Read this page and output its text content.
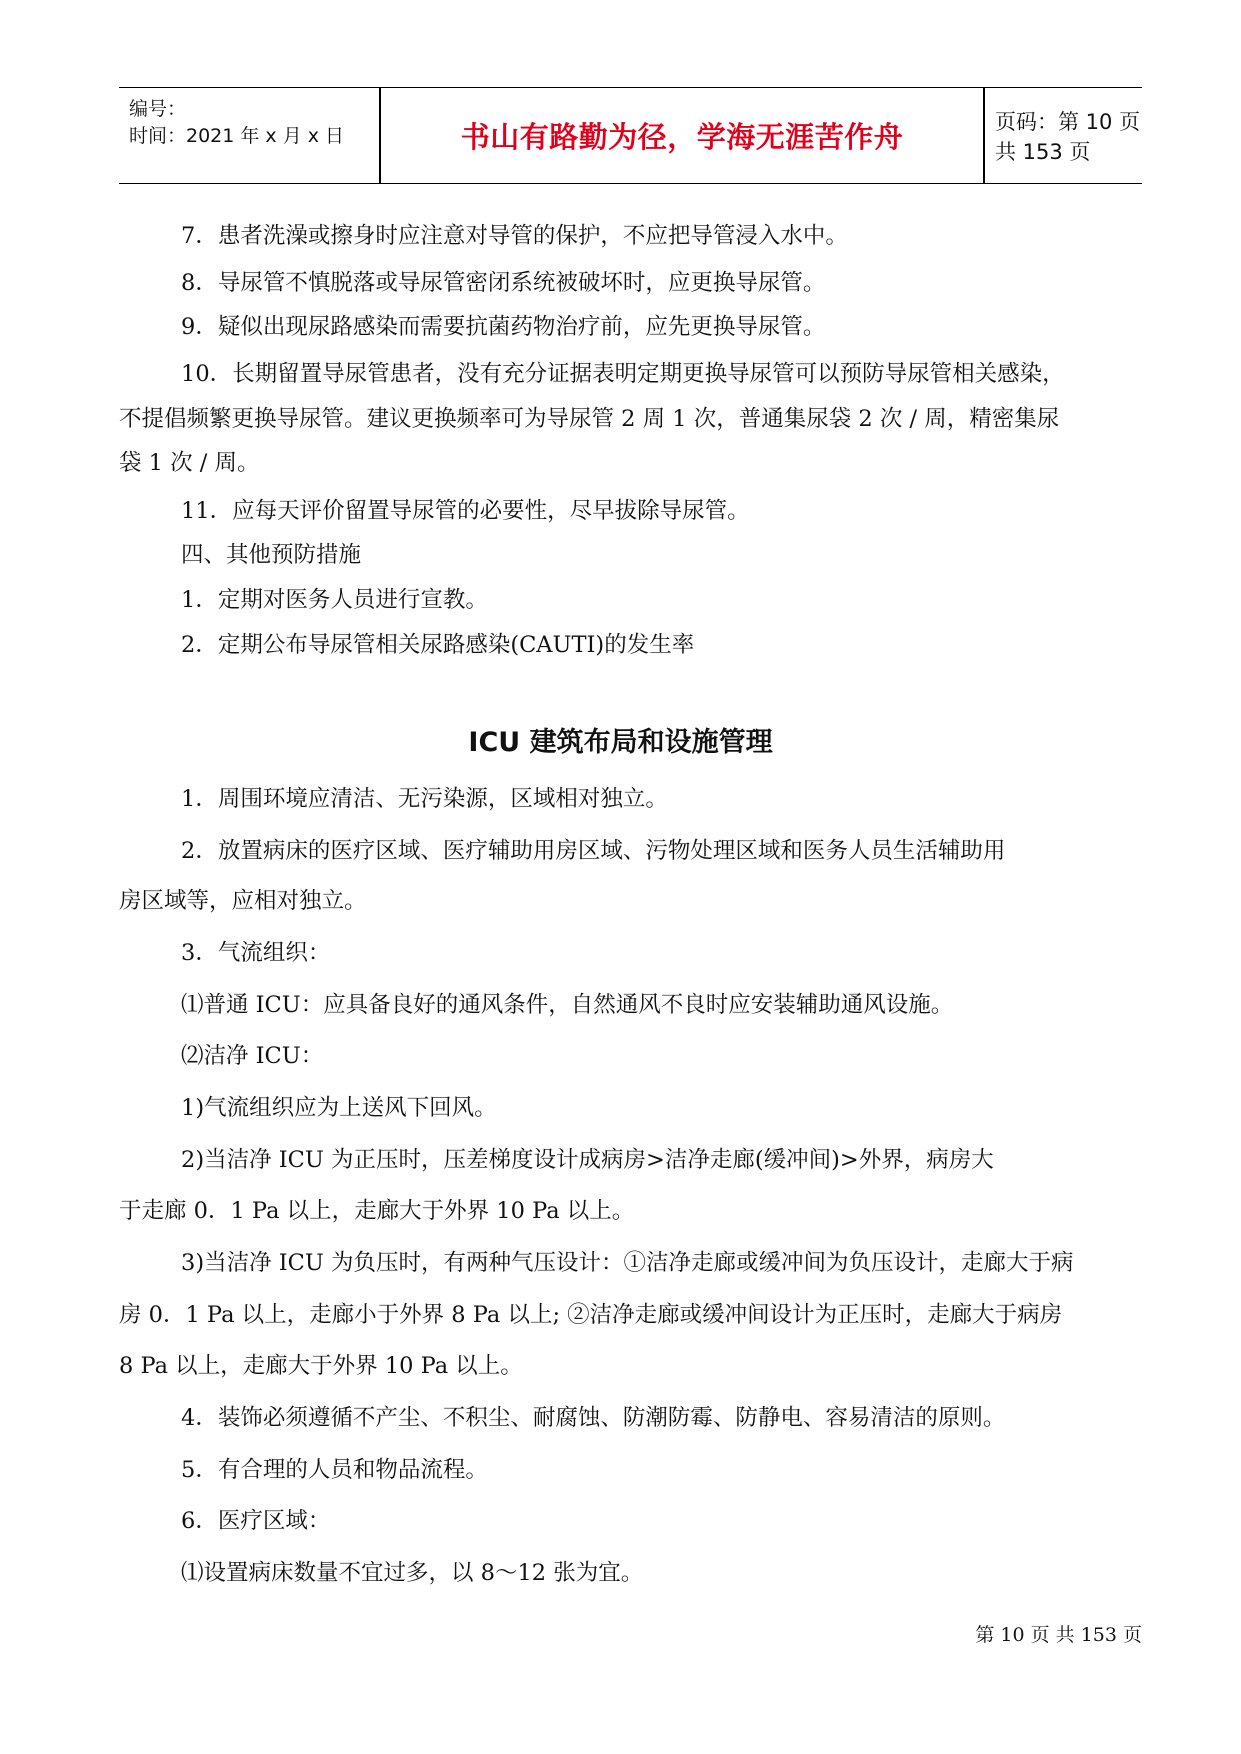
编号：
时间：2021 年 x 月 x 日	书山有路勤为径，学海无涯苦作舟	页码：第 10 页 共 153 页
7．患者洗澡或擦身时应注意对导管的保护，不应把导管浸入水中。
8．导尿管不慎脱落或导尿管密闭系统被破坏时，应更换导尿管。
9．疑似出现尿路感染而需要抗菌药物治疗前，应先更换导尿管。
10．长期留置导尿管患者，没有充分证据表明定期更换导尿管可以预防导尿管相关感染，
不提倡频繁更换导尿管。建议更换频率可为导尿管 2 周 1 次，普通集尿袋 2 次 / 周，精密集尿
袋 1 次 / 周。
11．应每天评价留置导尿管的必要性，尽早拔除导尿管。
四、其他预防措施
1．定期对医务人员进行宣教。
2．定期公布导尿管相关尿路感染(CAUTI)的发生率
ICU 建筑布局和设施管理
1．周围环境应清洁、无污染源，区域相对独立。
2．放置病床的医疗区域、医疗辅助用房区域、污物处理区域和医务人员生活辅助用
房区域等，应相对独立。
3．气流组织：
⑴普通 ICU：应具备良好的通风条件，自然通风不良时应安装辅助通风设施。
⑵洁净 ICU：
1)气流组织应为上送风下回风。
2)当洁净 ICU 为正压时，压差梯度设计成病房>洁净走廊(缓冲间)>外界，病房大
于走廊 0．1 Pa 以上，走廊大于外界 10 Pa 以上。
3)当洁净 ICU 为负压时，有两种气压设计：①洁净走廊或缓冲间为负压设计，走廊大于病
房 0．1 Pa 以上，走廊小于外界 8 Pa 以上; ②洁净走廊或缓冲间设计为正压时，走廊大于病房
8 Pa 以上，走廊大于外界 10 Pa 以上。
4．装饰必须遵循不产尘、不积尘、耐腐蚀、防潮防霉、防静电、容易清洁的原则。
5．有合理的人员和物品流程。
6．医疗区域：
⑴设置病床数量不宜过多，以 8～12 张为宜。
第 10 页 共 153 页
